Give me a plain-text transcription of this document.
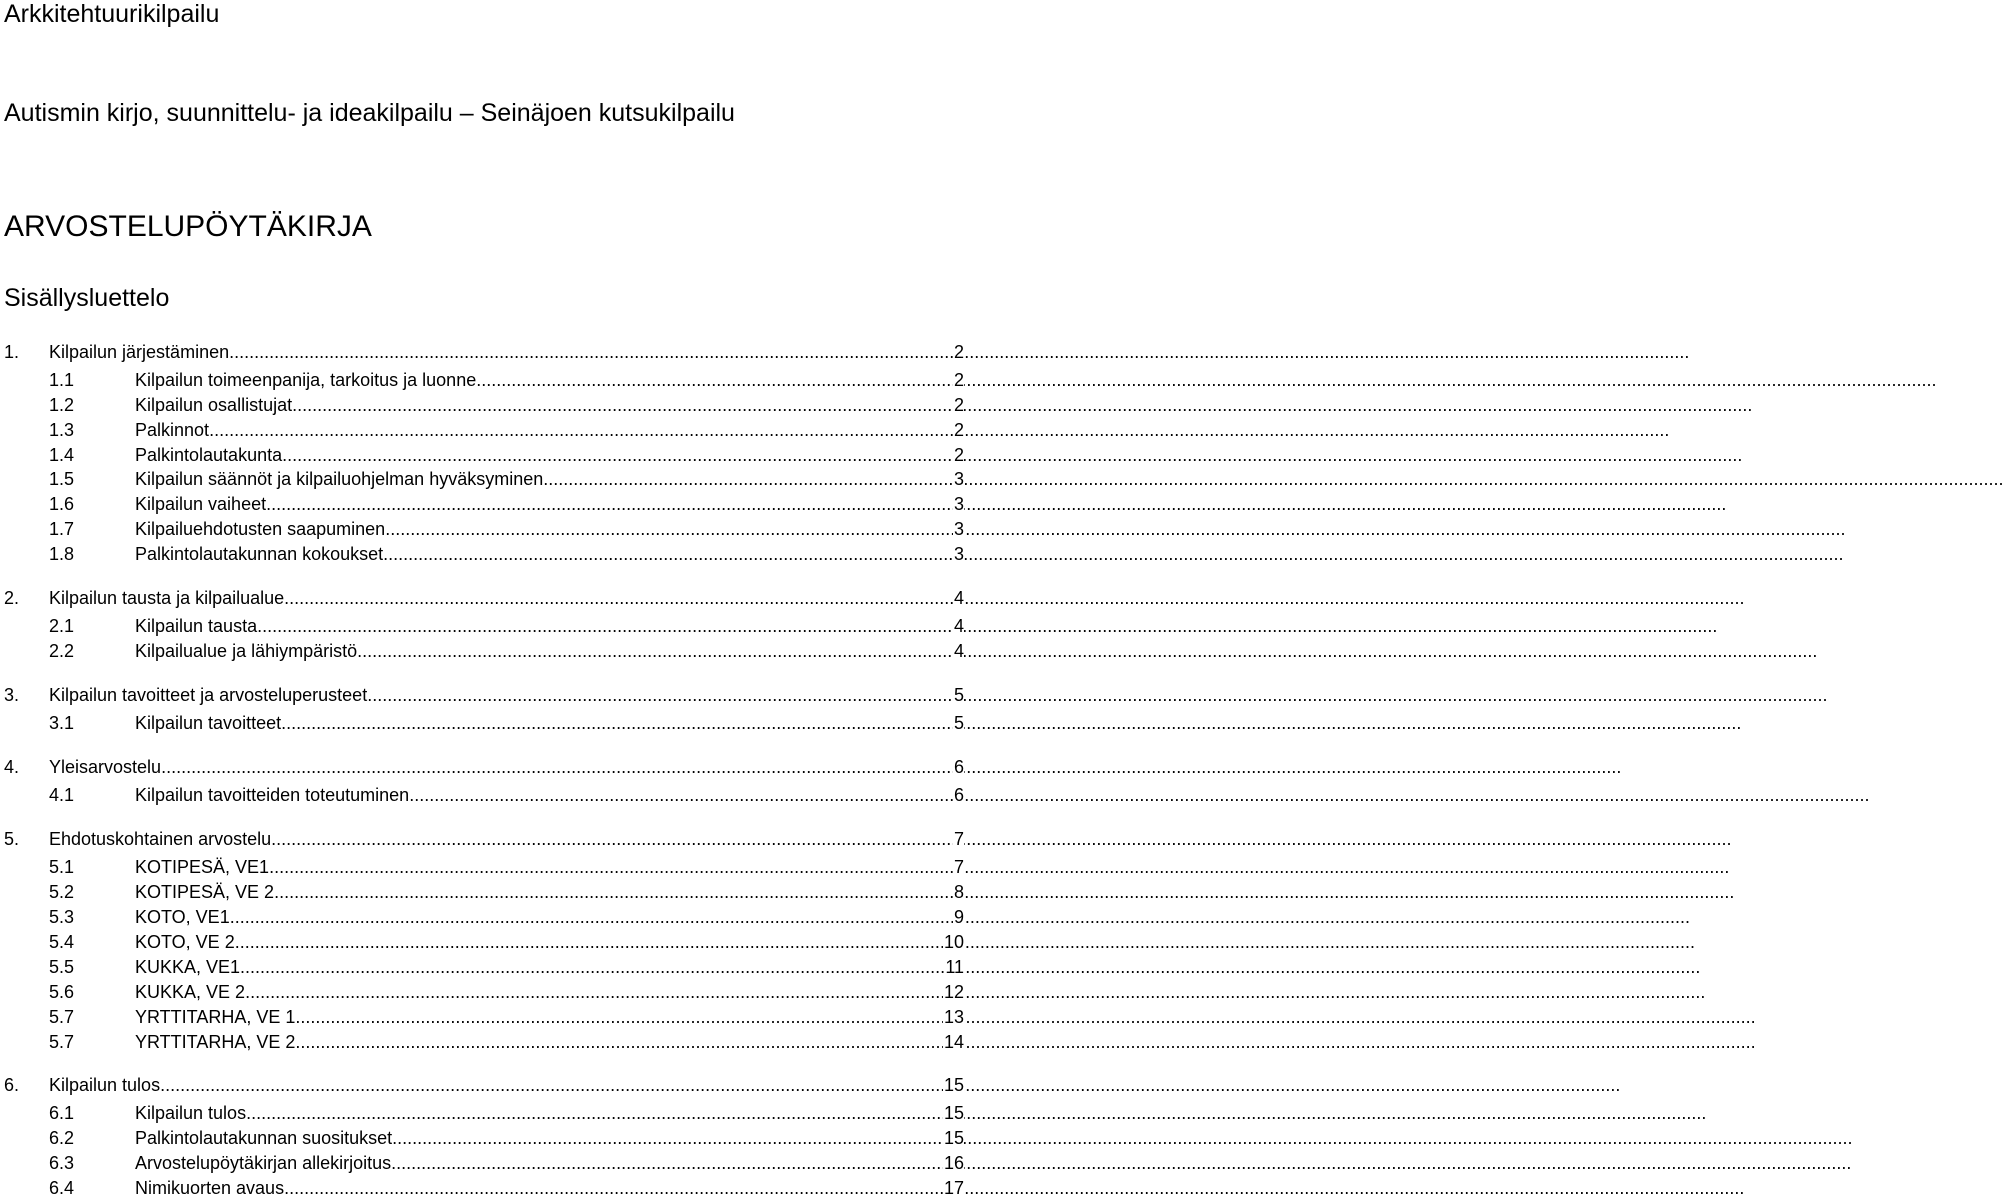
Arkkitehtuurikilpailu
Autismin kirjo, suunnittelu- ja ideakilpailu – Seinäjoen kutsukilpailu
ARVOSTELUPÖYTÄKIRJA
Sisällysluettelo
1. Kilpailun järjestäminen .....	2
1.1	Kilpailun toimeenpanija, tarkoitus ja luonne .....	2
1.2	Kilpailun osallistujat .....	2
1.3	Palkinnot .....	2
1.4	Palkintolautakunta .....	2
1.5	Kilpailun säännöt ja kilpailuohjelman hyväksyminen .....	3
1.6	Kilpailun vaiheet .....	3
1.7	Kilpailuehdotusten saapuminen .....	3
1.8	Palkintolautakunnan kokoukset .....	3
2. Kilpailun tausta ja kilpailualue .....	4
2.1	Kilpailun tausta .....	4
2.2	Kilpailualue ja lähiympäristö .....	4
3. Kilpailun tavoitteet ja arvosteluperusteet .....	5
3.1	Kilpailun tavoitteet .....	5
4. Yleisarvostelu .....	6
4.1	Kilpailun tavoitteiden toteutuminen .....	6
5. Ehdotuskohtainen arvostelu .....	7
5.1	KOTIPESÄ, VE1 .....	7
5.2	KOTIPESÄ, VE 2 .....	8
5.3	KOTO, VE1 .....	9
5.4	KOTO, VE 2 .....	10
5.5	KUKKA, VE1 .....	11
5.6	KUKKA, VE 2 .....	12
5.7	YRTTITARHA, VE 1 .....	13
5.7	YRTTITARHA, VE 2 .....	14
6. Kilpailun tulos .....	15
6.1	Kilpailun tulos .....	15
6.2	Palkintolautakunnan suositukset .....	15
6.3	Arvostelupöytäkirjan allekirjoitus .....	16
6.4	Nimikuorten avaus .....	17
